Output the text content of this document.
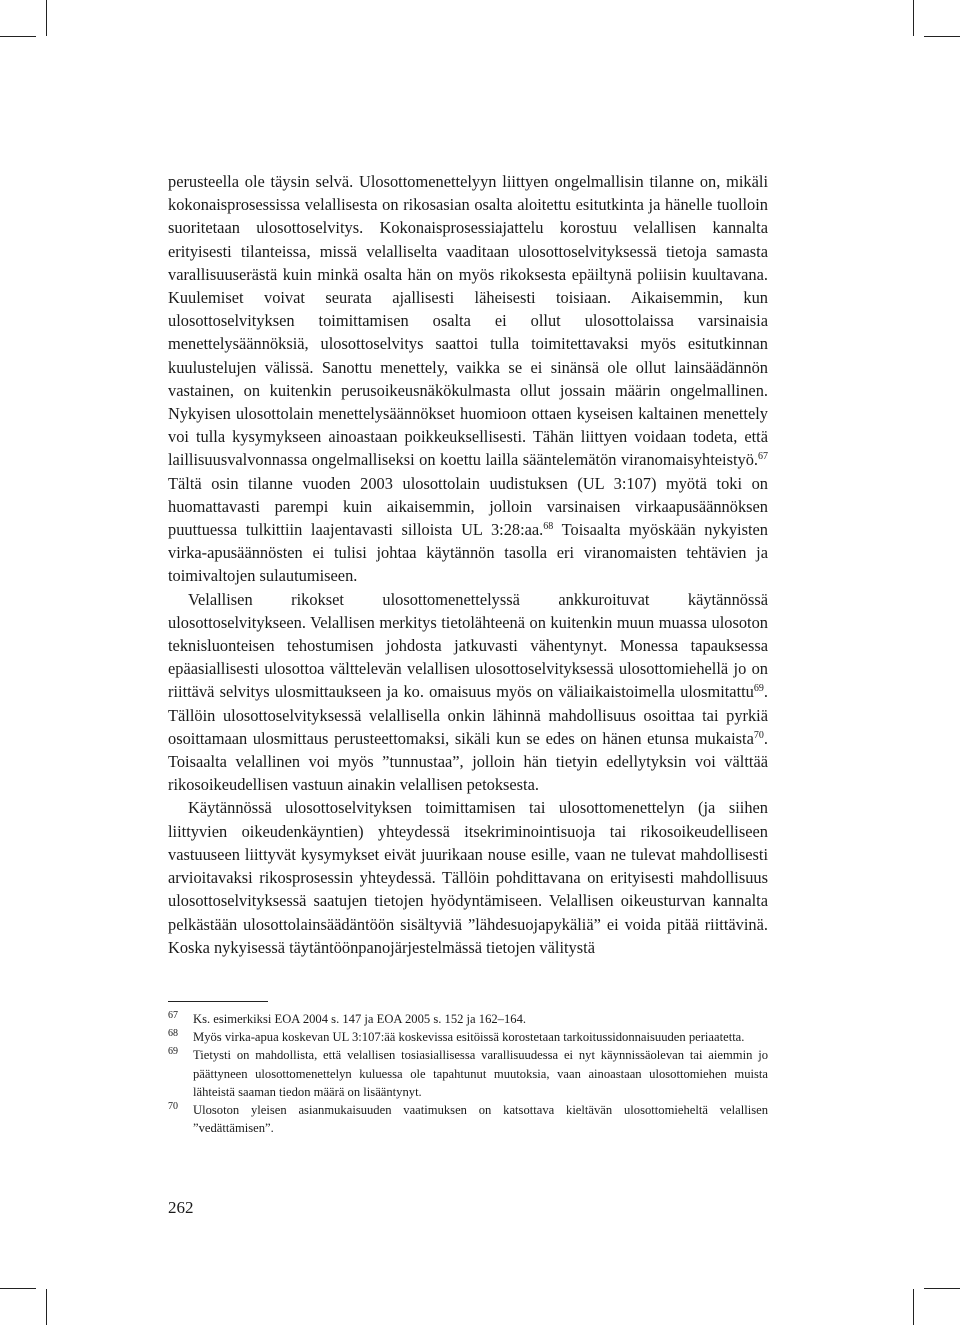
perusteella ole täysin selvä. Ulosottomenettelyyn liittyen ongelmallisin tilanne on, mikäli kokonaisprosessissa velallisesta on rikosasian osalta aloitettu esitutkinta ja hänelle tuolloin suoritetaan ulosottoselvitys. Kokonaisprosessiajattelu korostuu velallisen kannalta erityisesti tilanteissa, missä velalliselta vaaditaan ulosottoselvityksessä tietoja samasta varallisuuserästä kuin minkä osalta hän on myös rikoksesta epäiltynä poliisin kuultavana. Kuulemiset voivat seurata ajallisesti läheisesti toisiaan. Aikaisemmin, kun ulosottoselvityksen toimittamisen osalta ei ollut ulosottolaissa varsinaisia menettelysäännöksiä, ulosottoselvitys saattoi tulla toimitettavaksi myös esitutkinnan kuulustelujen välissä. Sanottu menettely, vaikka se ei sinänsä ole ollut lainsäädännön vastainen, on kuitenkin perusoikeusnäkökulmasta ollut jossain määrin ongelmallinen. Nykyisen ulosottolain menettelysäännökset huomioon ottaen kyseisen kaltainen menettely voi tulla kysymykseen ainoastaan poikkeuksellisesti. Tähän liittyen voidaan todeta, että laillisuusvalvonnassa ongelmalliseksi on koettu lailla sääntelemätön viranomaisyhteistyö.$^{67}$ Tältä osin tilanne vuoden 2003 ulosottolain uudistuksen (UL 3:107) myötä toki on huomattavasti parempi kuin aikaisemmin, jolloin varsinaisen virkaapusäännöksen puuttuessa tulkittiin laajentavasti silloista UL 3:28:aa.$^{68}$ Toisaalta myöskään nykyisten virka-apusäännösten ei tulisi johtaa käytännön tasolla eri viranomaisten tehtävien ja toimivaltojen sulautumiseen.

Velallisen rikokset ulosottomenettelyssä ankkuroituvat käytännössä ulosottoselvitykseen. Velallisen merkitys tietolähteenä on kuitenkin muun muassa ulosoton teknisluonteisen tehostumisen johdosta jatkuvasti vähentynyt. Monessa tapauksessa epäasiallisesti ulosottoa välttelevän velallisen ulosottoselvityksessä ulosottomiehellä jo on riittävä selvitys ulosmittaukseen ja ko. omaisuus myös on väliaikaistoimella ulosmitattu$^{69}$. Tällöin ulosottoselvityksessä velallisella onkin lähinnä mahdollisuus osoittaa tai pyrkiä osoittamaan ulosmittaus perusteettomaksi, sikäli kun se edes on hänen etunsa mukaista$^{70}$. Toisaalta velallinen voi myös ”tunnustaa”, jolloin hän tietyin edellytyksin voi välttää rikosoikeudellisen vastuun ainakin velallisen petoksesta.

Käytännössä ulosottoselvityksen toimittamisen tai ulosottomenettelyn (ja siihen liittyvien oikeudenkäyntien) yhteydessä itsekriminointisuoja tai rikosoikeudelliseen vastuuseen liittyvät kysymykset eivät juurikaan nouse esille, vaan ne tulevat mahdollisesti arvioitavaksi rikosprosessin yhteydessä. Tällöin pohdittavana on erityisesti mahdollisuus ulosottoselvityksessä saatujen tietojen hyödyntämiseen. Velallisen oikeusturvan kannalta pelkästään ulosottolainsäädäntöön sisältyviä ”lähdesuojapykäliä” ei voida pitää riittävinä. Koska nykyisessä täytäntöönpanojärjestelmässä tietojen välitystä

67	Ks. esimerkiksi EOA 2004 s. 147 ja EOA 2005 s. 152 ja 162–164.
68	Myös virka-apua koskevan UL 3:107:ää koskevissa esitöissä korostetaan tarkoitussidonnaisuuden periaatetta.
69	Tietysti on mahdollista, että velallisen tosiasiallisessa varallisuudessa ei nyt käynnissäolevan tai aiemmin jo päättyneen ulosottomenettelyn kuluessa ole tapahtunut muutoksia, vaan ainoastaan ulosottomiehen muista lähteistä saaman tiedon määrä on lisääntynyt.
70	Ulosoton yleisen asianmukaisuuden vaatimuksen on katsottava kieltävän ulosottomieheltä velallisen ”vedättämisen”.
262
